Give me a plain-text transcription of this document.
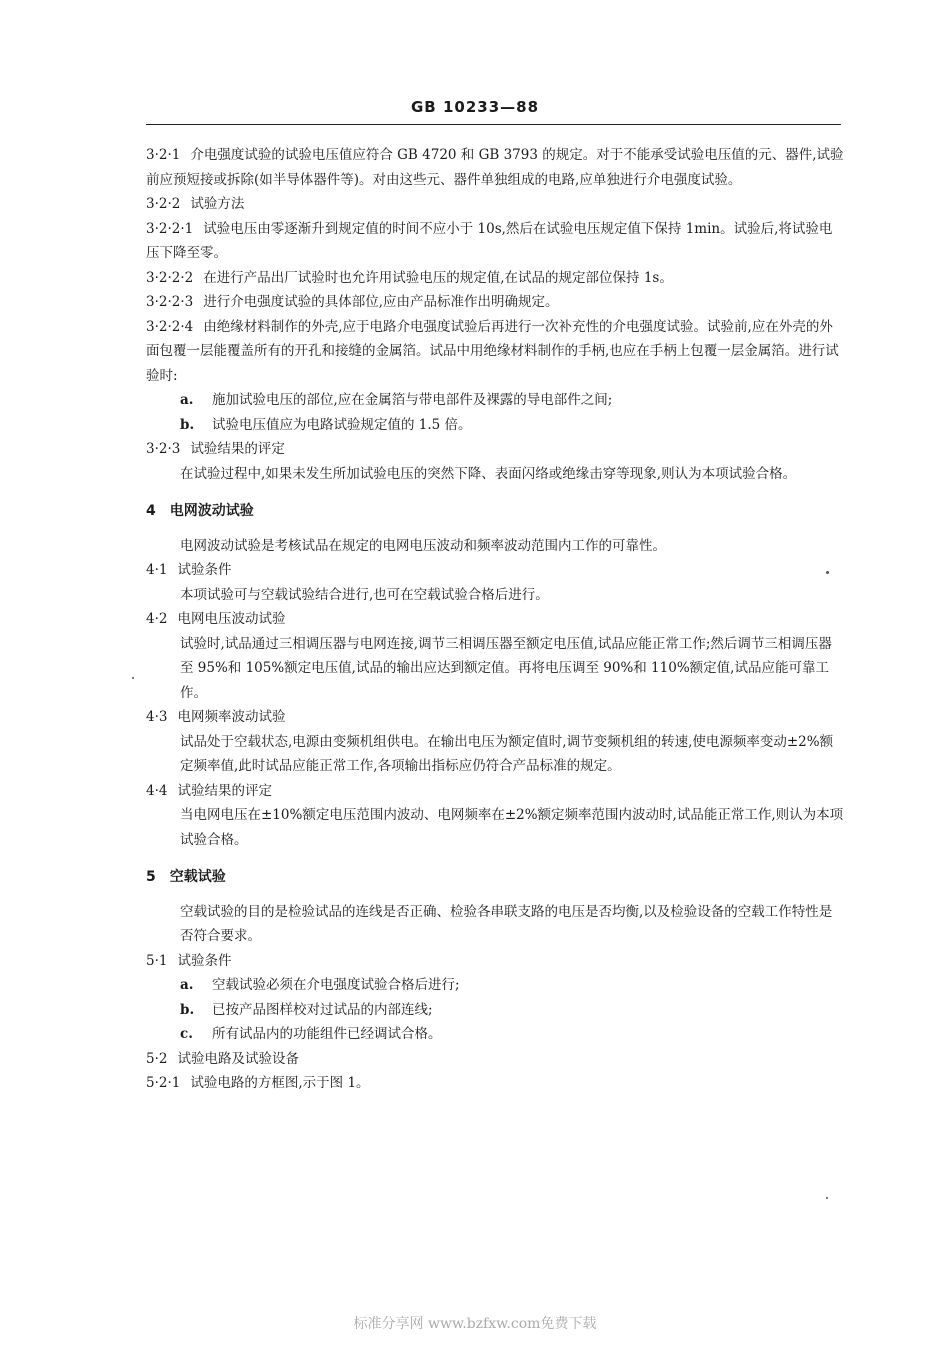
GB 10233—88
3·2·1 介电强度试验的试验电压值应符合 GB 4720 和 GB 3793 的规定。对于不能承受试验电压值的元、器件,试验前应预短接或拆除(如半导体器件等)。对由这些元、器件单独组成的电路,应单独进行介电强度试验。
3·2·2 试验方法
3·2·2·1 试验电压由零逐渐升到规定值的时间不应小于 10s,然后在试验电压规定值下保持 1min。试验后,将试验电压下降至零。
3·2·2·2 在进行产品出厂试验时也允许用试验电压的规定值,在试品的规定部位保持 1s。
3·2·2·3 进行介电强度试验的具体部位,应由产品标准作出明确规定。
3·2·2·4 由绝缘材料制作的外壳,应于电路介电强度试验后再进行一次补充性的介电强度试验。试验前,应在外壳的外面包覆一层能覆盖所有的开孔和接缝的金属箔。试品中用绝缘材料制作的手柄,也应在手柄上包覆一层金属箔。进行试验时:
a. 施加试验电压的部位,应在金属箔与带电部件及裸露的导电部件之间;
b. 试验电压值应为电路试验规定值的 1.5 倍。
3·2·3 试验结果的评定
在试验过程中,如果未发生所加试验电压的突然下降、表面闪络或绝缘击穿等现象,则认为本项试验合格。
4 电网波动试验
电网波动试验是考核试品在规定的电网电压波动和频率波动范围内工作的可靠性。
4·1 试验条件
本项试验可与空载试验结合进行,也可在空载试验合格后进行。
4·2 电网电压波动试验
试验时,试品通过三相调压器与电网连接,调节三相调压器至额定电压值,试品应能正常工作;然后调节三相调压器至 95%和 105%额定电压值,试品的输出应达到额定值。再将电压调至 90%和 110%额定值,试品应能可靠工作。
4·3 电网频率波动试验
试品处于空载状态,电源由变频机组供电。在输出电压为额定值时,调节变频机组的转速,使电源频率变动±2%额定频率值,此时试品应能正常工作,各项输出指标应仍符合产品标准的规定。
4·4 试验结果的评定
当电网电压在±10%额定电压范围内波动、电网频率在±2%额定频率范围内波动时,试品能正常工作,则认为本项试验合格。
5 空载试验
空载试验的目的是检验试品的连线是否正确、检验各串联支路的电压是否均衡,以及检验设备的空载工作特性是否符合要求。
5·1 试验条件
a. 空载试验必须在介电强度试验合格后进行;
b. 已按产品图样校对过试品的内部连线;
c. 所有试品内的功能组件已经调试合格。
5·2 试验电路及试验设备
5·2·1 试验电路的方框图,示于图 1。
标准分享网 www.bzfxw.com免费下载
